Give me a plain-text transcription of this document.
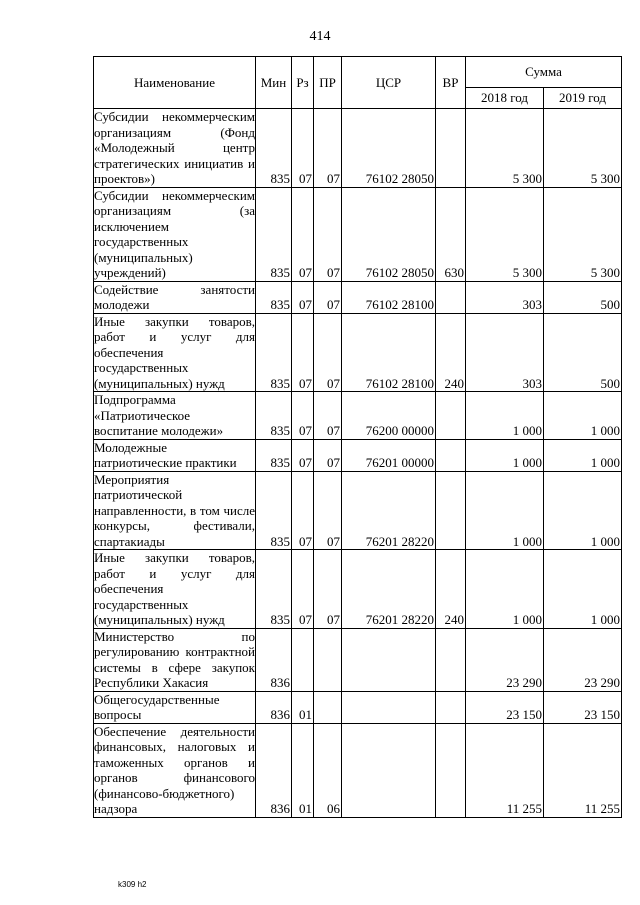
414
Наименование	Мин	Рз	ПР	ЦСР	ВР	Сумма	
						2018 год	2019 год
Субсидии некоммерческим организациям (Фонд «Молодежный центр стратегических инициатив и проектов»)	835	07	07	76102 28050		5 300	5 300
Субсидии некоммерческим организациям (за исключением государственных (муниципальных) учреждений)	835	07	07	76102 28050	630	5 300	5 300
Содействие занятости молодежи	835	07	07	76102 28100		303	500
Иные закупки товаров, работ и услуг для обеспечения государственных (муниципальных) нужд	835	07	07	76102 28100	240	303	500
Подпрограмма «Патриотическое воспитание молодежи»	835	07	07	76200 00000		1 000	1 000
Молодежные патриотические практики	835	07	07	76201 00000		1 000	1 000
Мероприятия патриотической направленности, в том числе конкурсы, фестивали, спартакиады	835	07	07	76201 28220		1 000	1 000
Иные закупки товаров, работ и услуг для обеспечения государственных (муниципальных) нужд	835	07	07	76201 28220	240	1 000	1 000
Министерство по регулированию контрактной системы в сфере закупок Республики Хакасия	836					23 290	23 290
Общегосударственные вопросы	836	01				23 150	23 150
Обеспечение деятельности финансовых, налоговых и таможенных органов и органов финансового (финансово-бюджетного) надзора	836	01	06			11 255	11 255
k309 h2
